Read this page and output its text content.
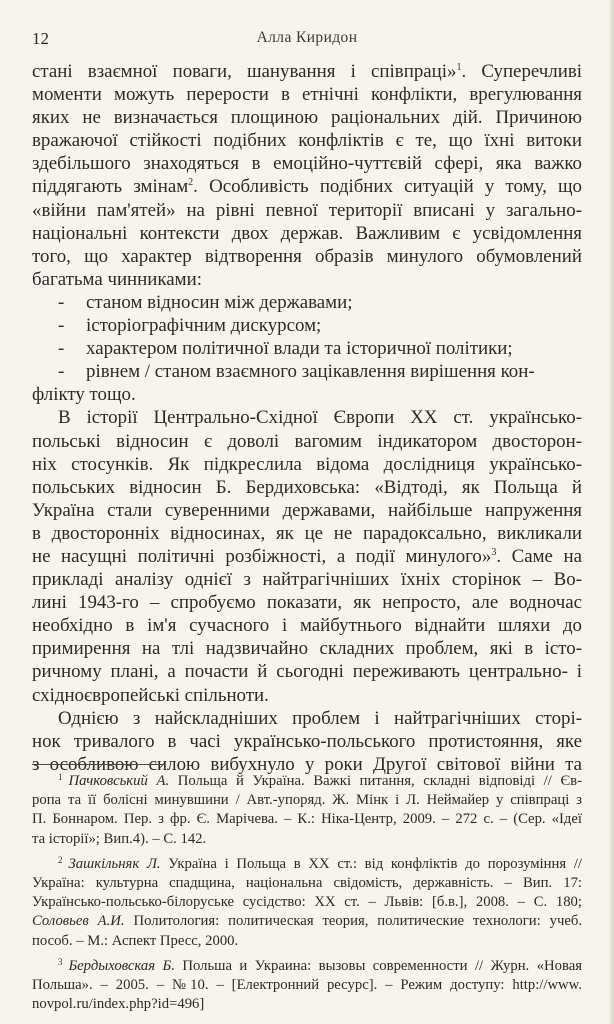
12	Алла Киридон

стані взаємної поваги, шанування і співпраці»$^1$. Суперечливі
моменти можуть перерости в етнічні конфлікти, врегулювання
яких не визначається площиною раціональних дій. Причиною
вражаючої стійкості подібних конфліктів є те, що їхні витоки
здебільшого знаходяться в емоційно-чуттєвій сфері, яка важко
піддягають змінам$^2$. Особливість подібних ситуацій у тому, що
«війни пам'ятей» на рівні певної території вписані у загально-
національні контексти двох держав. Важливим є усвідомлення
того, що характер відтворення образів минулого обумовлений
багатьма чинниками:

- станом відносин між державами;
- історіографічним дискурсом;
- характером політичної влади та історичної політики;
- рівнем / станом взаємного зацікавлення вирішення кон-
флікту тощо.

В історії Центрально-Східної Європи ХХ ст. українсько-
польські відносин є доволі вагомим індикатором двосторон-
ніх стосунків. Як підкреслила відома дослідниця українсько-
польських відносин Б. Бердиховська: «Відтоді, як Польща й
Україна стали суверенними державами, найбільше напруження
в двосторонніх відносинах, як це не парадоксально, викликали
не насущні політичні розбіжності, а події минулого»$^3$. Саме на
прикладі аналізу однієї з найтрагічніших їхніх сторінок – Во-
лині 1943-го – спробуємо показати, як непросто, але водночас
необхідно в ім'я сучасного і майбутнього віднайти шляхи до
примирення на тлі надзвичайно складних проблем, які в істо-
ричному плані, а почасти й сьогодні переживають центрально- і
східноєвропейські спільноти.

Однією з найскладніших проблем і найтрагічніших сторі-
нок тривалого в часі українсько-польського протистояння, яке
з особливою силою вибухнуло у роки Другої світової війни та

$^1$ Пачковський А. Польща й Україна. Важкі питання, складні відповіді // Єв-
ропа та її болісні минувшини / Авт.-упоряд. Ж. Мінк і Л. Неймайер у співпраці з
П. Боннаром. Пер. з фр. Є. Марічева. – К.: Ніка-Центр, 2009. – 272 с. – (Сер. «Ідеї
та історії»; Вип.4). – С. 142.

$^2$ Зашкільняк Л. Україна і Польща в ХХ ст.: від конфліктів до порозуміння //
Україна: культурна спадщина, національна свідомість, державність. – Вип. 17:
Українсько-польсько-білоруське сусідство: ХХ ст. – Львів: [б.в.], 2008. – С. 180;
Соловьев А.И. Политология: политическая теория, политические технологи: учеб.
пособ. – М.: Аспект Пресс, 2000.

$^3$ Бердыховская Б. Польша и Украина: вызовы современности // Журн. «Новая
Польша». – 2005. – №10. – [Електронний ресурс]. – Режим доступу: http://www.
novpol.ru/index.php?id=496]
